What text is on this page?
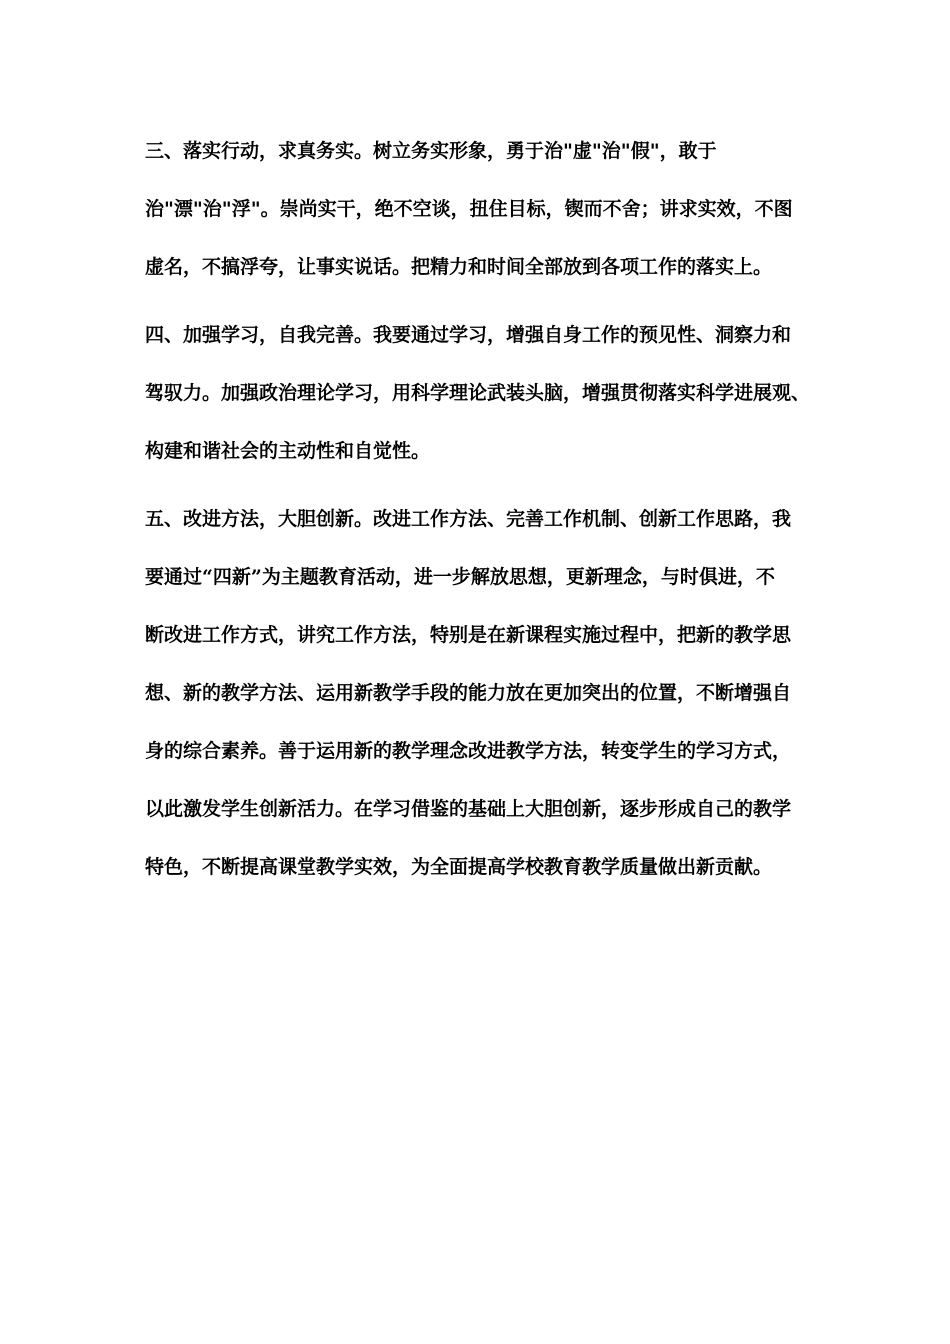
三、落实行动，求真务实。树立务实形象，勇于治"虚"治"假"，敢于
治"漂"治"浮"。崇尚实干，绝不空谈，扭住目标，锲而不舍；讲求实效，不图
虚名，不搞浮夸，让事实说话。把精力和时间全部放到各项工作的落实上。
四、加强学习，自我完善。我要通过学习，增强自身工作的预见性、洞察力和
驾驭力。加强政治理论学习，用科学理论武装头脑，增强贯彻落实科学进展观、
构建和谐社会的主动性和自觉性。
五、改进方法，大胆创新。改进工作方法、完善工作机制、创新工作思路，我
要通过“四新”为主题教育活动，进一步解放思想，更新理念，与时俱进，不
断改进工作方式，讲究工作方法，特别是在新课程实施过程中，把新的教学思
想、新的教学方法、运用新教学手段的能力放在更加突出的位置，不断增强自
身的综合素养。善于运用新的教学理念改进教学方法，转变学生的学习方式，
以此激发学生创新活力。在学习借鉴的基础上大胆创新，逐步形成自己的教学
特色，不断提高课堂教学实效，为全面提高学校教育教学质量做出新贡献。
